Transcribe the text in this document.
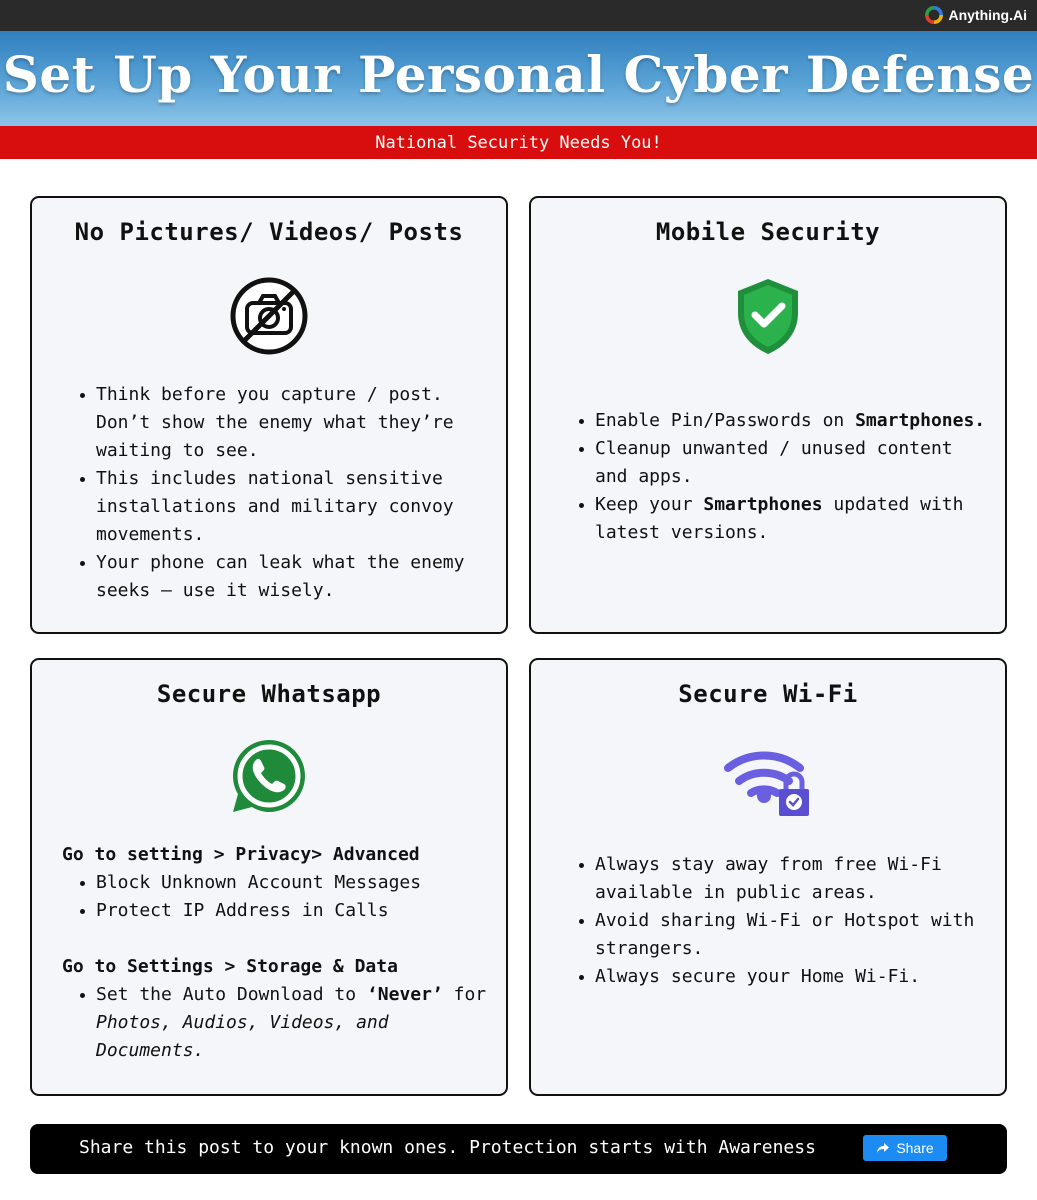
Anything.Ai
Set Up Your Personal Cyber Defense
National Security Needs You!
No Pictures/ Videos/ Posts
Think before you capture / post. Don’t show the enemy what they’re waiting to see.
This includes national sensitive installations and military convoy movements.
Your phone can leak what the enemy seeks – use it wisely.
Mobile Security
Enable Pin/Passwords on Smartphones.
Cleanup unwanted / unused content and apps.
Keep your Smartphones updated with latest versions.
Secure Whatsapp
Go to setting > Privacy> Advanced
Block Unknown Account Messages
Protect IP Address in Calls
Go to Settings > Storage & Data
Set the Auto Download to ‘Never’ for Photos, Audios, Videos, and Documents.
Secure Wi-Fi
Always stay away from free Wi-Fi available in public areas.
Avoid sharing Wi-Fi or Hotspot with strangers.
Always secure your Home Wi-Fi.
Share this post to your known ones. Protection starts with Awareness	Share
